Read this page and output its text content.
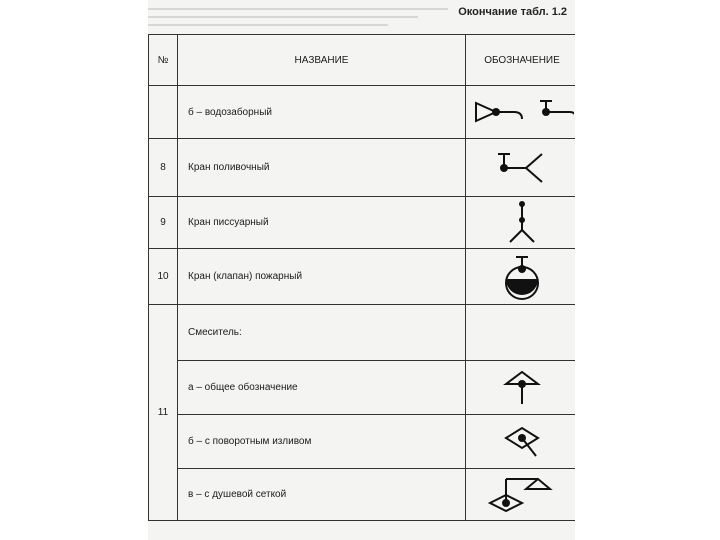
Окончание табл. 1.2
№	НАЗВАНИЕ	ОБОЗНАЧЕНИЕ
	б – водозаборный	

8	Кран поливочный	

9	Кран писсуарный	

10	Кран (клапан) пожарный	

11	Смеситель:	
	а – общее обозначение	

	б – с поворотным изливом	

	в – с душевой сеткой	
